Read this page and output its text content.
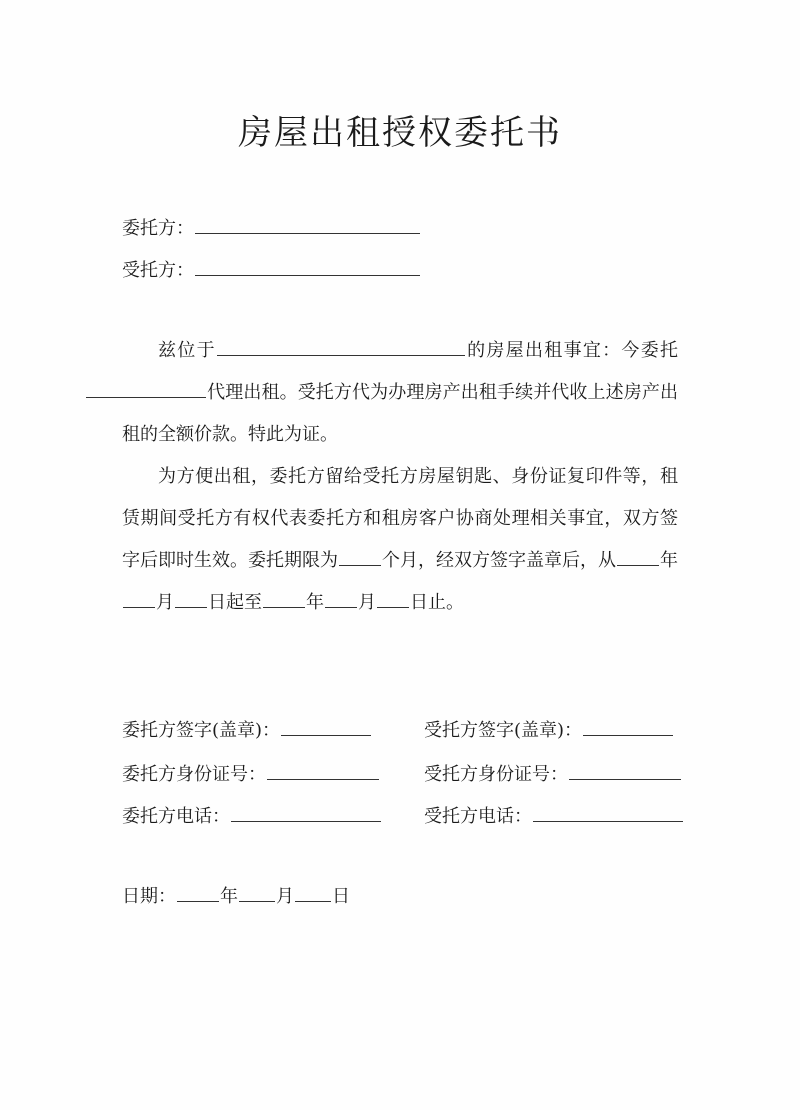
房屋出租授权委托书
委托方：
受托方：

兹位于	的房屋出租事宜：今委托代理出租。受托方代为办理房产出租手续并代收上述房产出租的全额价款。特此为证。

为方便出租，委托方留给受托方房屋钥匙、身份证复印件等，租赁期间受托方有权代表委托方和租房客户协商处理相关事宜，双方签字后即时生效。委托期限为 个月，经双方签字盖章后，从 年月 日起至 年 月 日止。

委托方签字(盖章)：	受托方签字(盖章)：
委托方身份证号：	受托方身份证号：
委托方电话：	受托方电话：
日期： 年 月 日
